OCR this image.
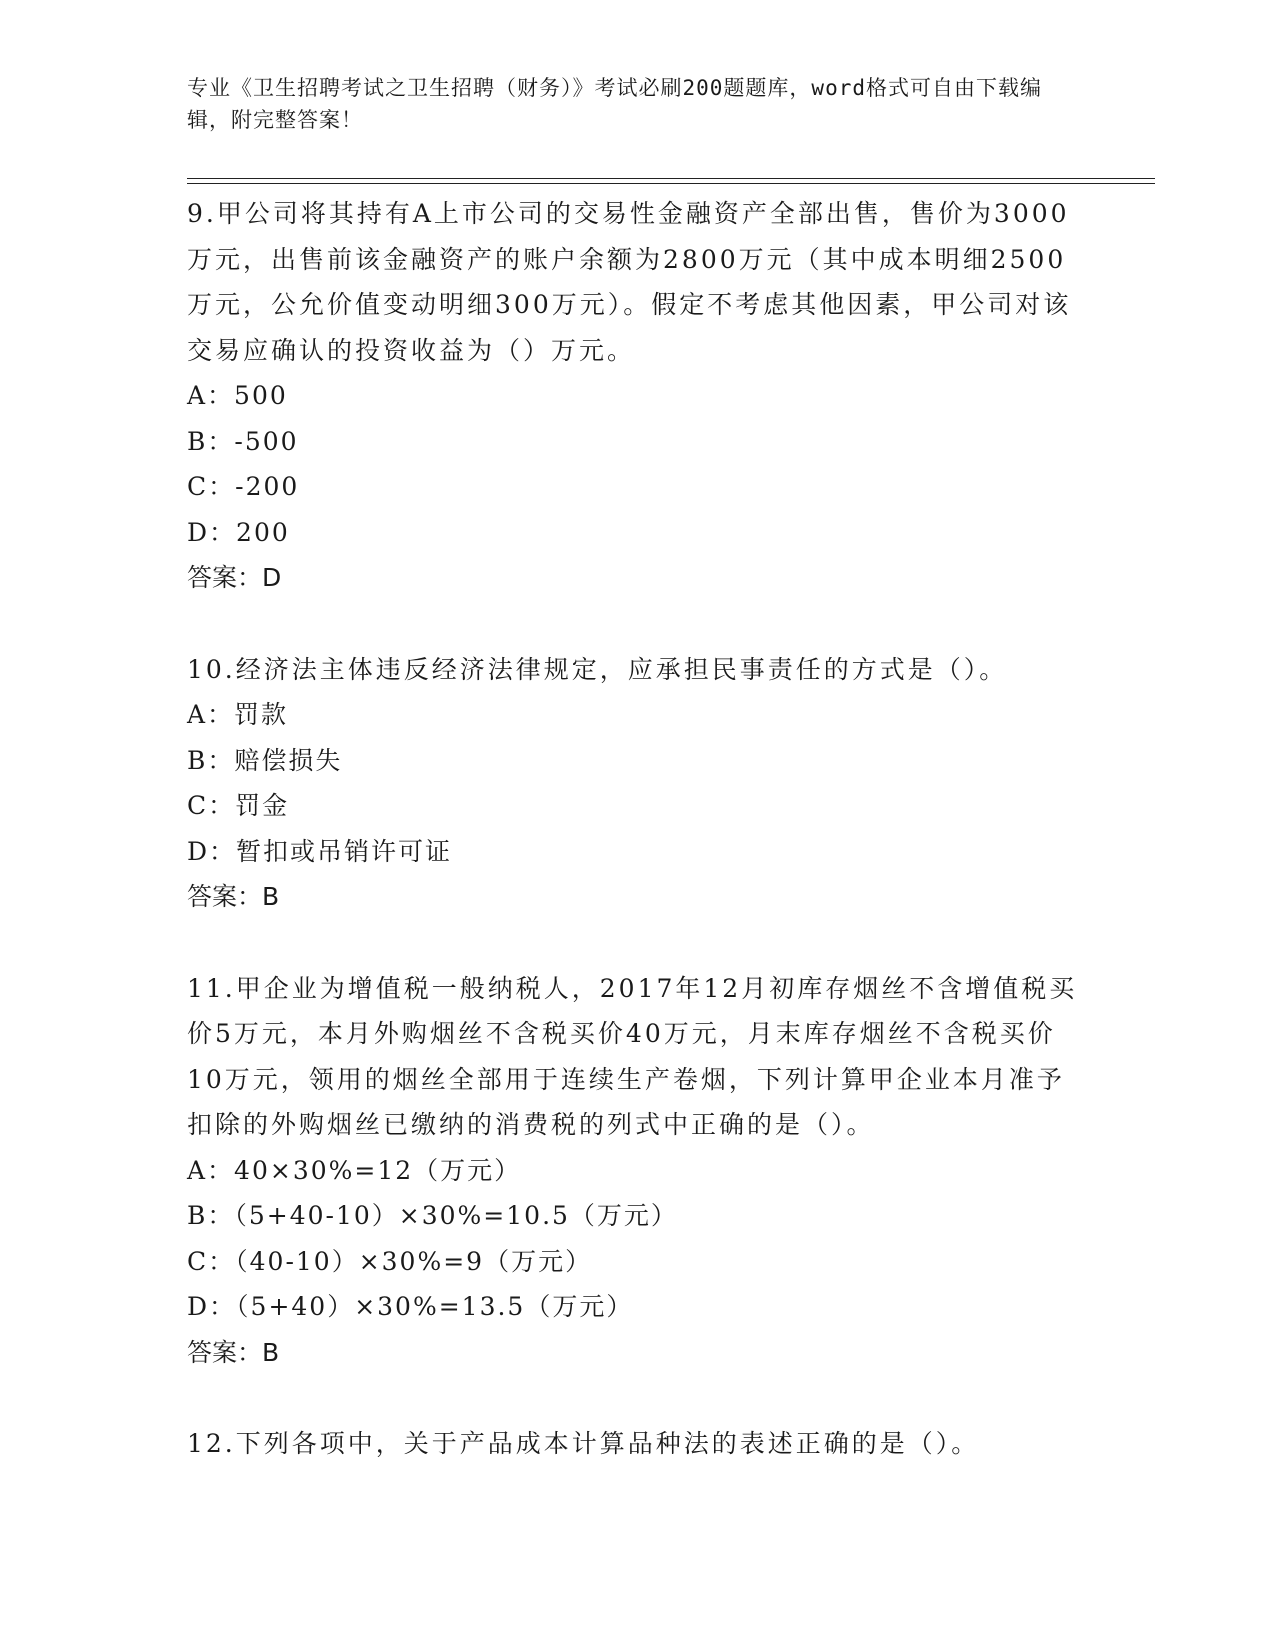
专业《卫生招聘考试之卫生招聘（财务）》考试必刷200题题库，word格式可自由下载编辑，附完整答案！

9.甲公司将其持有A上市公司的交易性金融资产全部出售，售价为3000万元，出售前该金融资产的账户余额为2800万元（其中成本明细2500万元，公允价值变动明细300万元）。假定不考虑其他因素，甲公司对该交易应确认的投资收益为（）万元。

A：500

B：-500

C：-200

D：200

答案：D

10.经济法主体违反经济法律规定，应承担民事责任的方式是（）。

A：罚款

B：赔偿损失

C：罚金

D：暂扣或吊销许可证

答案：B

11.甲企业为增值税一般纳税人，2017年12月初库存烟丝不含增值税买价5万元，本月外购烟丝不含税买价40万元，月末库存烟丝不含税买价10万元，领用的烟丝全部用于连续生产卷烟，下列计算甲企业本月准予扣除的外购烟丝已缴纳的消费税的列式中正确的是（）。

A：40×30%=12（万元）

B：（5+40-10）×30%=10.5（万元）

C：（40-10）×30%=9（万元）

D：（5+40）×30%=13.5（万元）

答案：B

12.下列各项中，关于产品成本计算品种法的表述正确的是（）。
